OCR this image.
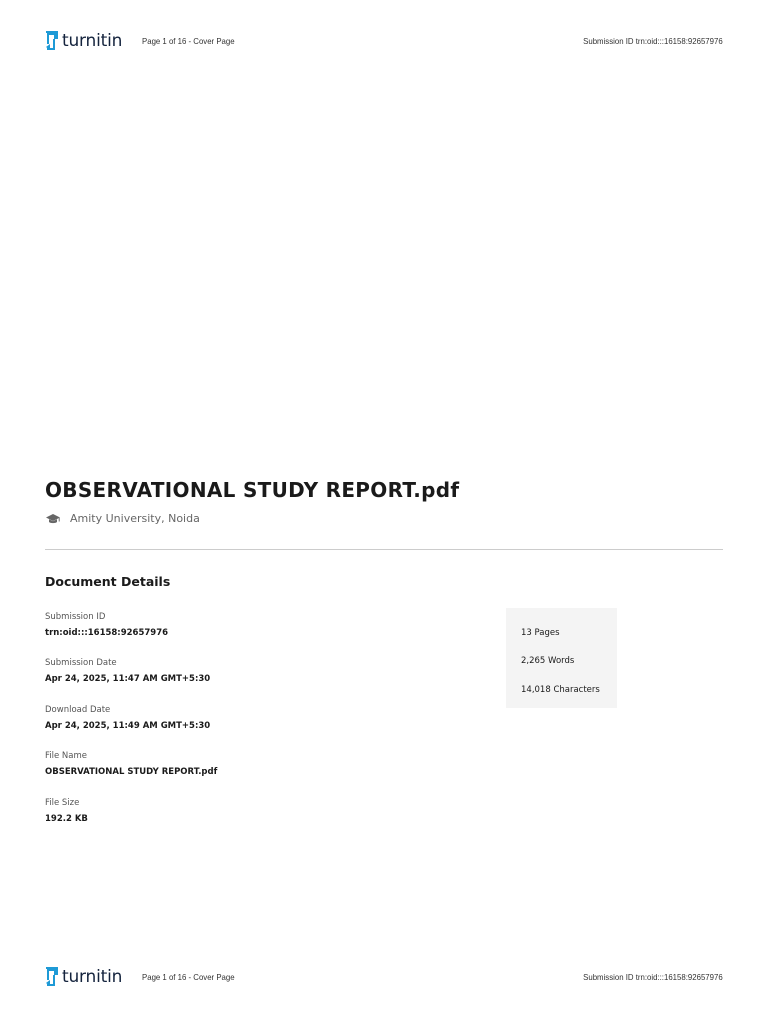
turnitin Page 1 of 16 - Cover Page	Submission ID trn:oid:::16158:92657976
OBSERVATIONAL STUDY REPORT.pdf
Amity University, Noida
Document Details
Submission ID
trn:oid:::16158:92657976
Submission Date
Apr 24, 2025, 11:47 AM GMT+5:30
Download Date
Apr 24, 2025, 11:49 AM GMT+5:30
File Name
OBSERVATIONAL STUDY REPORT.pdf
File Size
192.2 KB
13 Pages
2,265 Words
14,018 Characters
turnitin Page 1 of 16 - Cover Page	Submission ID trn:oid:::16158:92657976
